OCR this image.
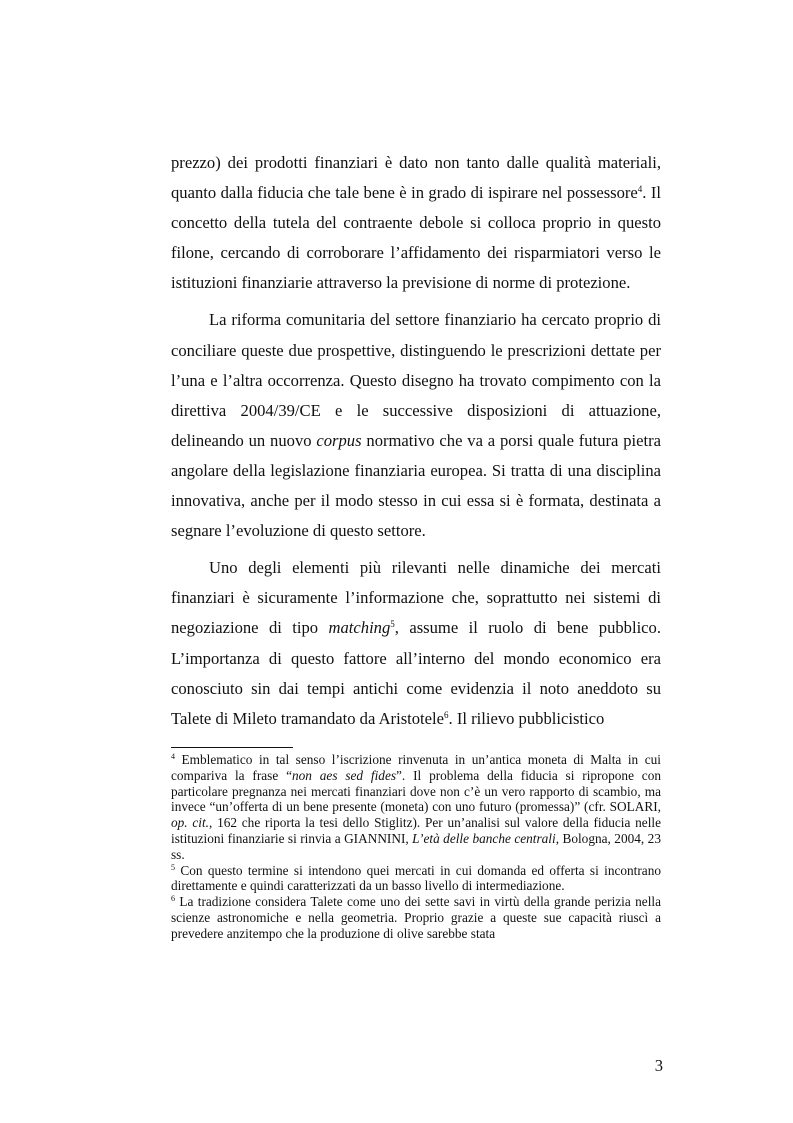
prezzo) dei prodotti finanziari è dato non tanto dalle qualità materiali, quanto dalla fiducia che tale bene è in grado di ispirare nel possessore$^4$. Il concetto della tutela del contraente debole si colloca proprio in questo filone, cercando di corroborare l’affidamento dei risparmiatori verso le istituzioni finanziarie attraverso la previsione di norme di protezione.

La riforma comunitaria del settore finanziario ha cercato proprio di conciliare queste due prospettive, distinguendo le prescrizioni dettate per l’una e l’altra occorrenza. Questo disegno ha trovato compimento con la direttiva 2004/39/CE e le successive disposizioni di attuazione, delineando un nuovo corpus normativo che va a porsi quale futura pietra angolare della legislazione finanziaria europea. Si tratta di una disciplina innovativa, anche per il modo stesso in cui essa si è formata, destinata a segnare l’evoluzione di questo settore.

Uno degli elementi più rilevanti nelle dinamiche dei mercati finanziari è sicuramente l’informazione che, soprattutto nei sistemi di negoziazione di tipo matching$^5$, assume il ruolo di bene pubblico. L’importanza di questo fattore all’interno del mondo economico era conosciuto sin dai tempi antichi come evidenzia il noto aneddoto su Talete di Mileto tramandato da Aristotele$^6$. Il rilievo pubblicistico

$^4$ Emblematico in tal senso l’iscrizione rinvenuta in un’antica moneta di Malta in cui compariva la frase “non aes sed fides”. Il problema della fiducia si ripropone con particolare pregnanza nei mercati finanziari dove non c’è un vero rapporto di scambio, ma invece “un’offerta di un bene presente (moneta) con uno futuro (promessa)” (cfr. SOLARI, op. cit., 162 che riporta la tesi dello Stiglitz). Per un’analisi sul valore della fiducia nelle istituzioni finanziarie si rinvia a GIANNINI, L’età delle banche centrali, Bologna, 2004, 23 ss.

$^5$ Con questo termine si intendono quei mercati in cui domanda ed offerta si incontrano direttamente e quindi caratterizzati da un basso livello di intermediazione.

$^6$ La tradizione considera Talete come uno dei sette savi in virtù della grande perizia nella scienze astronomiche e nella geometria. Proprio grazie a queste sue capacità riuscì a prevedere anzitempo che la produzione di olive sarebbe stata

3
